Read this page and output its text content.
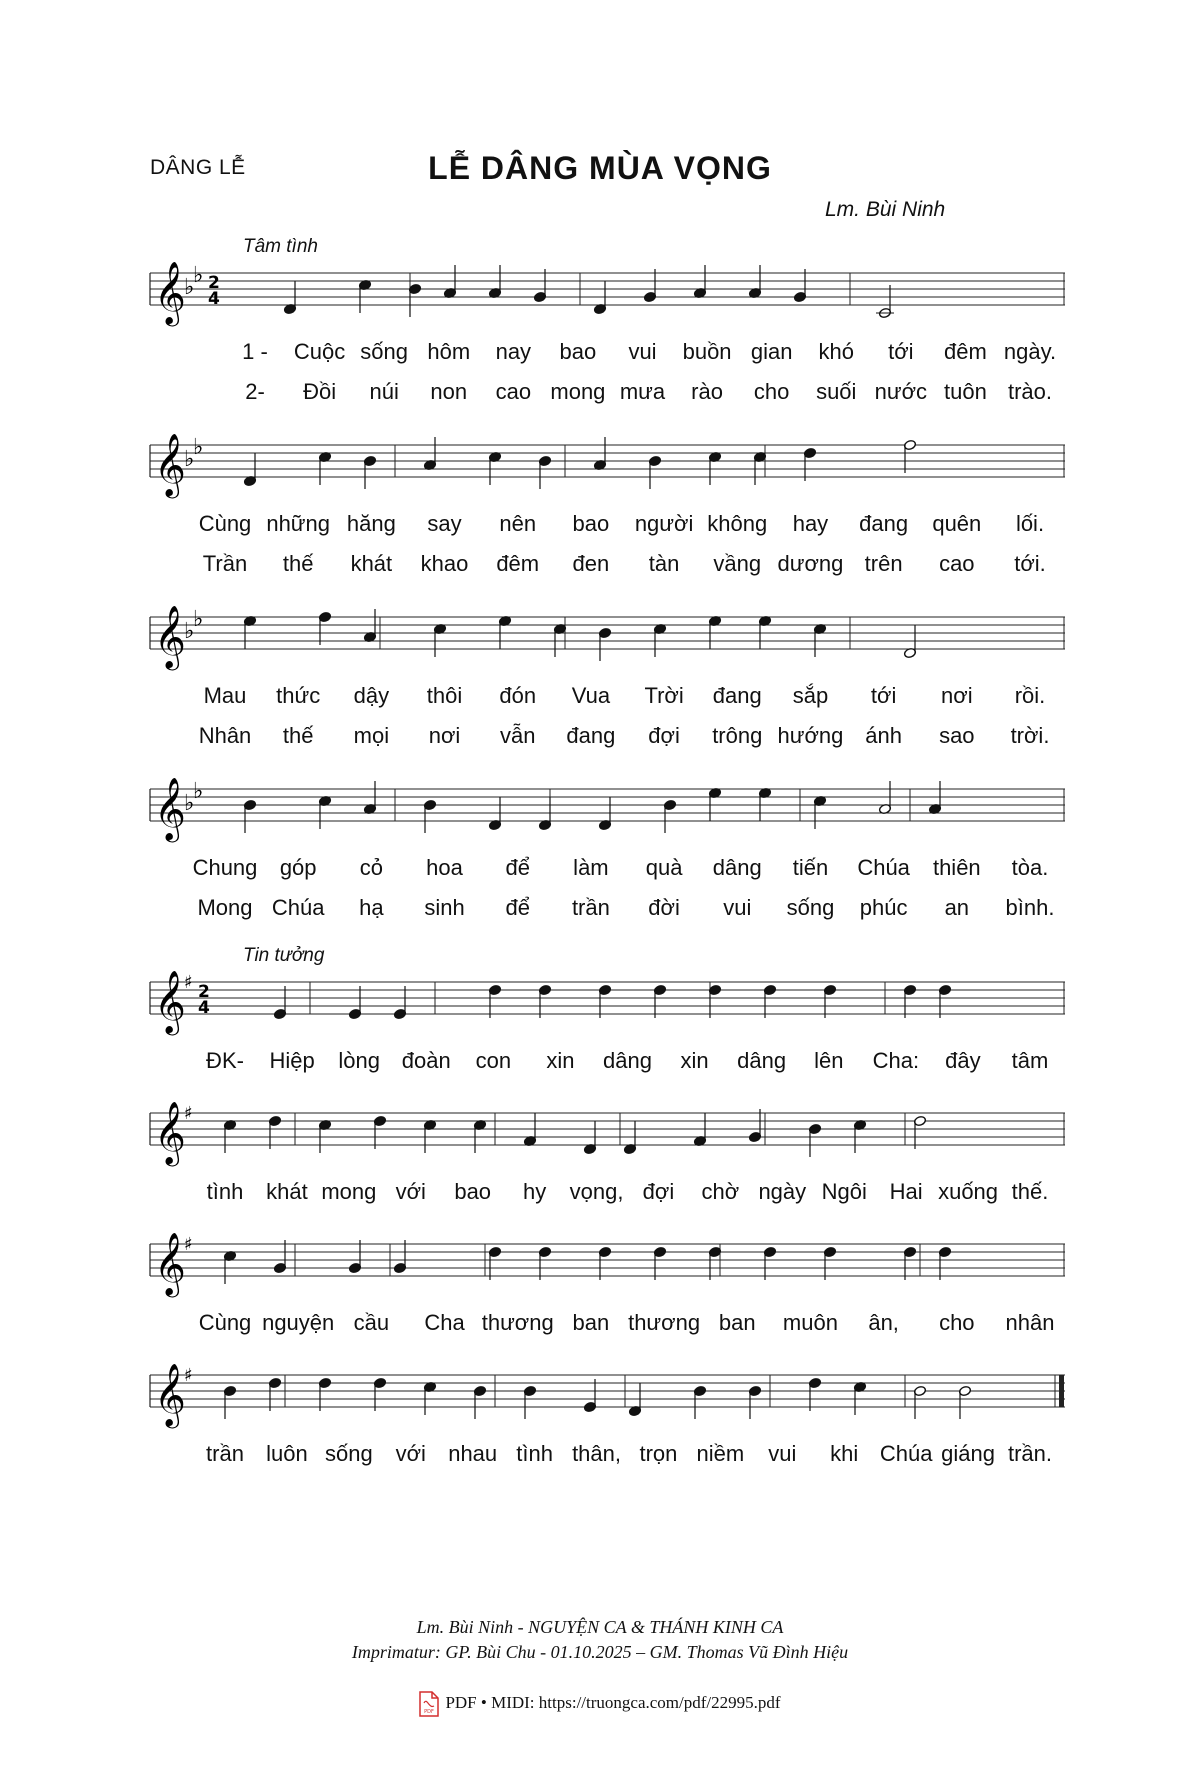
DÂNG LỄ	LỄ DÂNG MÙA VỌNG
Lm. Bùi Ninh
Tâm tình
Tin tưởng
𝄞
♭
♭ 2
4
𝄞
♭
♭
𝄞
♭
♭
𝄞
♭
♭
𝄞
♯ 2
4
𝄞
♯
𝄞
♯
𝄞
♯
1 - Cuộc sống hôm nay bao vui buồn gian khó tới đêm ngày.
2- Đồi núi non cao mong mưa rào cho suối nước tuôn trào.
Cùng những hăng say nên bao người không hay đang quên lối.
Trần thế khát khao đêm đen tàn vầng dương trên cao tới.
Mau thức dậy thôi đón Vua Trời đang sắp tới nơi rồi.
Nhân thế mọi nơi vẫn đang đợi trông hướng ánh sao trời.
Chung góp cỏ hoa để làm quà dâng tiến Chúa thiên tòa.
Mong Chúa hạ sinh để trần đời vui sống phúc an bình.
ĐK- Hiệp lòng đoàn con xin dâng xin dâng lên Cha: đây tâm
tình khát mong với bao hy vọng, đợi chờ ngày Ngôi Hai xuống thế.
Cùng nguyện cầu Cha thương ban thương ban muôn ân, cho nhân
trần luôn sống với nhau tình thân, trọn niềm vui khi Chúa giáng trần.
Lm. Bùi Ninh - NGUYỆN CA & THÁNH KINH CA
Imprimatur: GP. Bùi Chu - 01.10.2025 – GM. Thomas Vũ Đình Hiệu
PDF
PDF • MIDI: https://truongca.com/pdf/22995.pdf
